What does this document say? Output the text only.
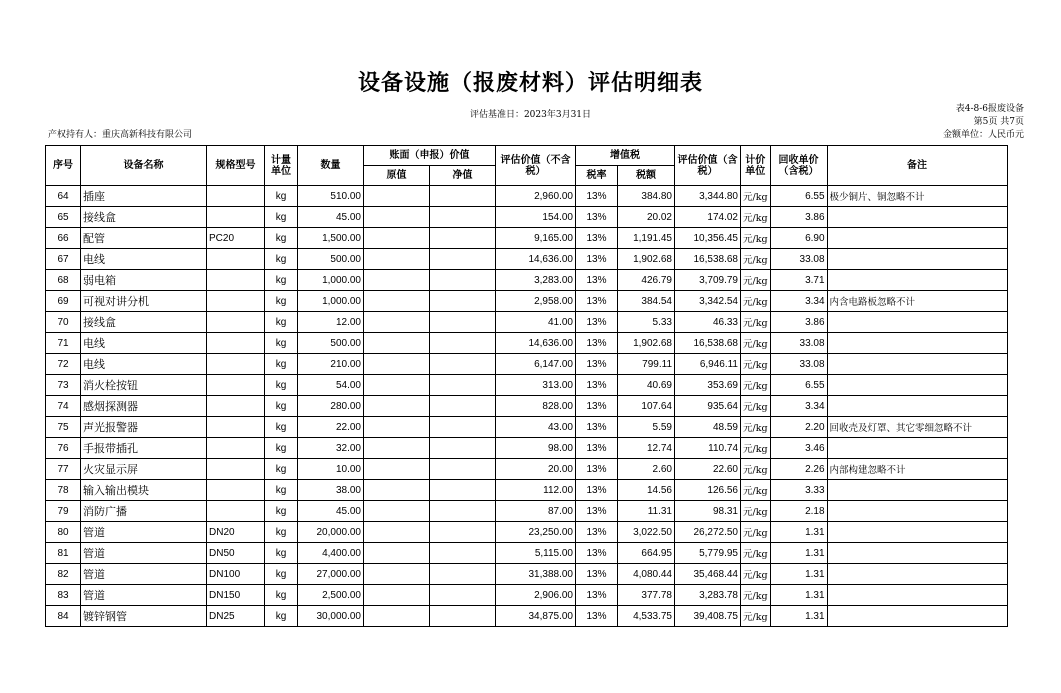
设备设施（报废材料）评估明细表
评估基准日：2023年3月31日
表4-8-6报废设备
第5页 共7页
产权持有人：重庆高新科技有限公司	金额单位：人民币元
序号	设备名称	规格型号	计量单位	数量	账面（申报）价值		评估价值（不含税）	增值税		评估价值（含税）	计价单位	回收单价（含税）	备注
					原值	净值		税率	税额				
64	插座		kg	510.00			2,960.00	13%	384.80	3,344.80	元/kg	6.55	极少铜片、铜忽略不计
65	接线盒		kg	45.00			154.00	13%	20.02	174.02	元/kg	3.86	
66	配管	PC20	kg	1,500.00			9,165.00	13%	1,191.45	10,356.45	元/kg	6.90	
67	电线		kg	500.00			14,636.00	13%	1,902.68	16,538.68	元/kg	33.08	
68	弱电箱		kg	1,000.00			3,283.00	13%	426.79	3,709.79	元/kg	3.71	
69	可视对讲分机		kg	1,000.00			2,958.00	13%	384.54	3,342.54	元/kg	3.34	内含电路板忽略不计
70	接线盒		kg	12.00			41.00	13%	5.33	46.33	元/kg	3.86	
71	电线		kg	500.00			14,636.00	13%	1,902.68	16,538.68	元/kg	33.08	
72	电线		kg	210.00			6,147.00	13%	799.11	6,946.11	元/kg	33.08	
73	消火栓按钮		kg	54.00			313.00	13%	40.69	353.69	元/kg	6.55	
74	感烟探测器		kg	280.00			828.00	13%	107.64	935.64	元/kg	3.34	
75	声光报警器		kg	22.00			43.00	13%	5.59	48.59	元/kg	2.20	回收壳及灯罩、其它零细忽略不计
76	手报带插孔		kg	32.00			98.00	13%	12.74	110.74	元/kg	3.46	
77	火灾显示屏		kg	10.00			20.00	13%	2.60	22.60	元/kg	2.26	内部构建忽略不计
78	输入输出模块		kg	38.00			112.00	13%	14.56	126.56	元/kg	3.33	
79	消防广播		kg	45.00			87.00	13%	11.31	98.31	元/kg	2.18	
80	管道	DN20	kg	20,000.00			23,250.00	13%	3,022.50	26,272.50	元/kg	1.31	
81	管道	DN50	kg	4,400.00			5,115.00	13%	664.95	5,779.95	元/kg	1.31	
82	管道	DN100	kg	27,000.00			31,388.00	13%	4,080.44	35,468.44	元/kg	1.31	
83	管道	DN150	kg	2,500.00			2,906.00	13%	377.78	3,283.78	元/kg	1.31	
84	镀锌钢管	DN25	kg	30,000.00			34,875.00	13%	4,533.75	39,408.75	元/kg	1.31	
